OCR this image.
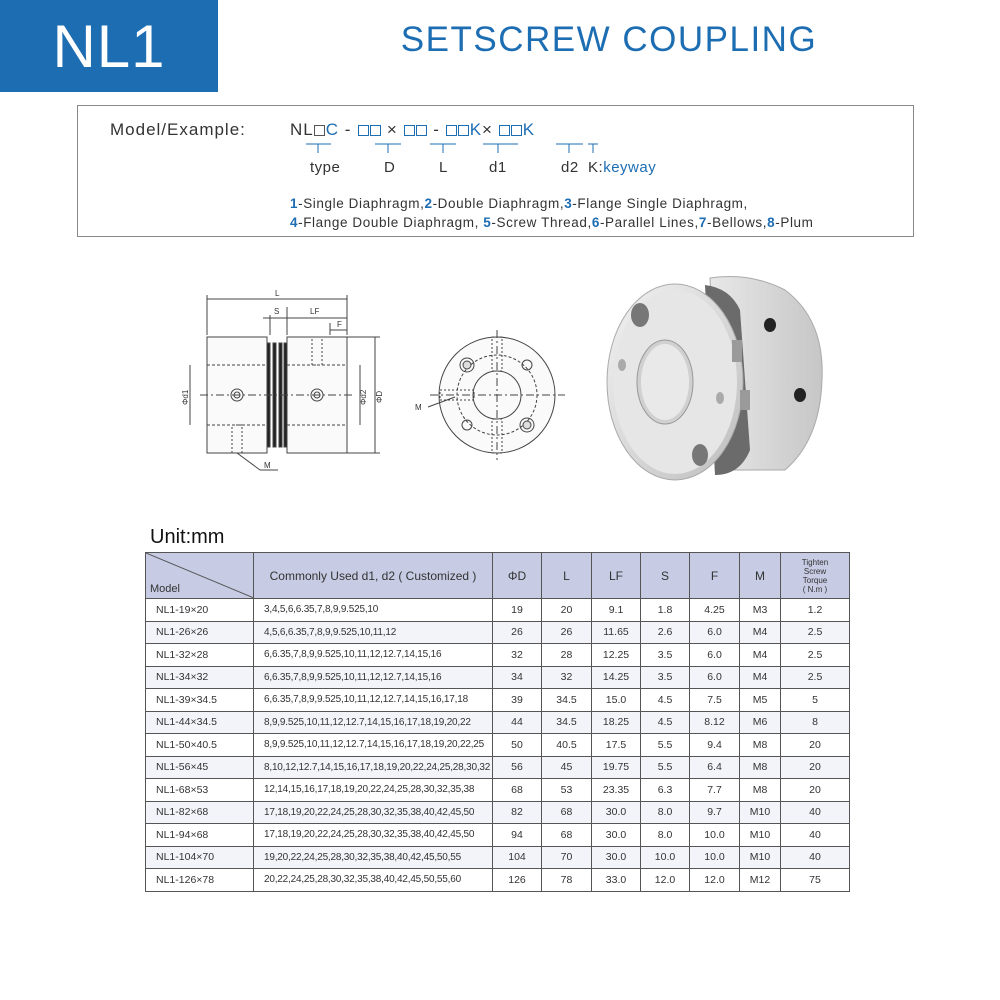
NL1	SETSCREW COUPLING
Model/Example:	NL C - × - K× K
type	D	L	d1	d2 K:keyway
1-Single Diaphragm,2-Double Diaphragm,3-Flange Single Diaphragm,
4-Flange Double Diaphragm, 5-Screw Thread,6-Parallel Lines,7-Bellows,8-Plum
L
S	LF
F
Φd1	Φd2 ΦD
M
M
Unit:mm
Model	Commonly Used d1, d2 ( Customized )	ΦD	L	LF	S	F	M	Tighten
Screw
Torque
( N.m )

NL1-19×20	3,4,5,6,6.35,7,8,9,9.525,10	19	20	9.1	1.8	4.25	M3	1.2
NL1-26×26	4,5,6,6.35,7,8,9,9.525,10,11,12	26	26	11.65	2.6	6.0	M4	2.5
NL1-32×28	6,6.35,7,8,9,9.525,10,11,12,12.7,14,15,16	32	28	12.25	3.5	6.0	M4	2.5
NL1-34×32	6,6.35,7,8,9,9.525,10,11,12,12.7,14,15,16	34	32	14.25	3.5	6.0	M4	2.5
NL1-39×34.5	6,6.35,7,8,9,9.525,10,11,12,12.7,14,15,16,17,18	39	34.5	15.0	4.5	7.5	M5	5
NL1-44×34.5	8,9,9.525,10,11,12,12.7,14,15,16,17,18,19,20,22	44	34.5	18.25	4.5	8.12	M6	8
NL1-50×40.5	8,9,9.525,10,11,12,12.7,14,15,16,17,18,19,20,22,25	50	40.5	17.5	5.5	9.4	M8	20
NL1-56×45	8,10,12,12.7,14,15,16,17,18,19,20,22,24,25,28,30,32	56	45	19.75	5.5	6.4	M8	20
NL1-68×53	12,14,15,16,17,18,19,20,22,24,25,28,30,32,35,38	68	53	23.35	6.3	7.7	M8	20
NL1-82×68	17,18,19,20,22,24,25,28,30,32,35,38,40,42,45,50	82	68	30.0	8.0	9.7	M10	40
NL1-94×68	17,18,19,20,22,24,25,28,30,32,35,38,40,42,45,50	94	68	30.0	8.0	10.0	M10	40
NL1-104×70	19,20,22,24,25,28,30,32,35,38,40,42,45,50,55	104	70	30.0	10.0	10.0	M10	40
NL1-126×78	20,22,24,25,28,30,32,35,38,40,42,45,50,55,60	126	78	33.0	12.0	12.0	M12	75
